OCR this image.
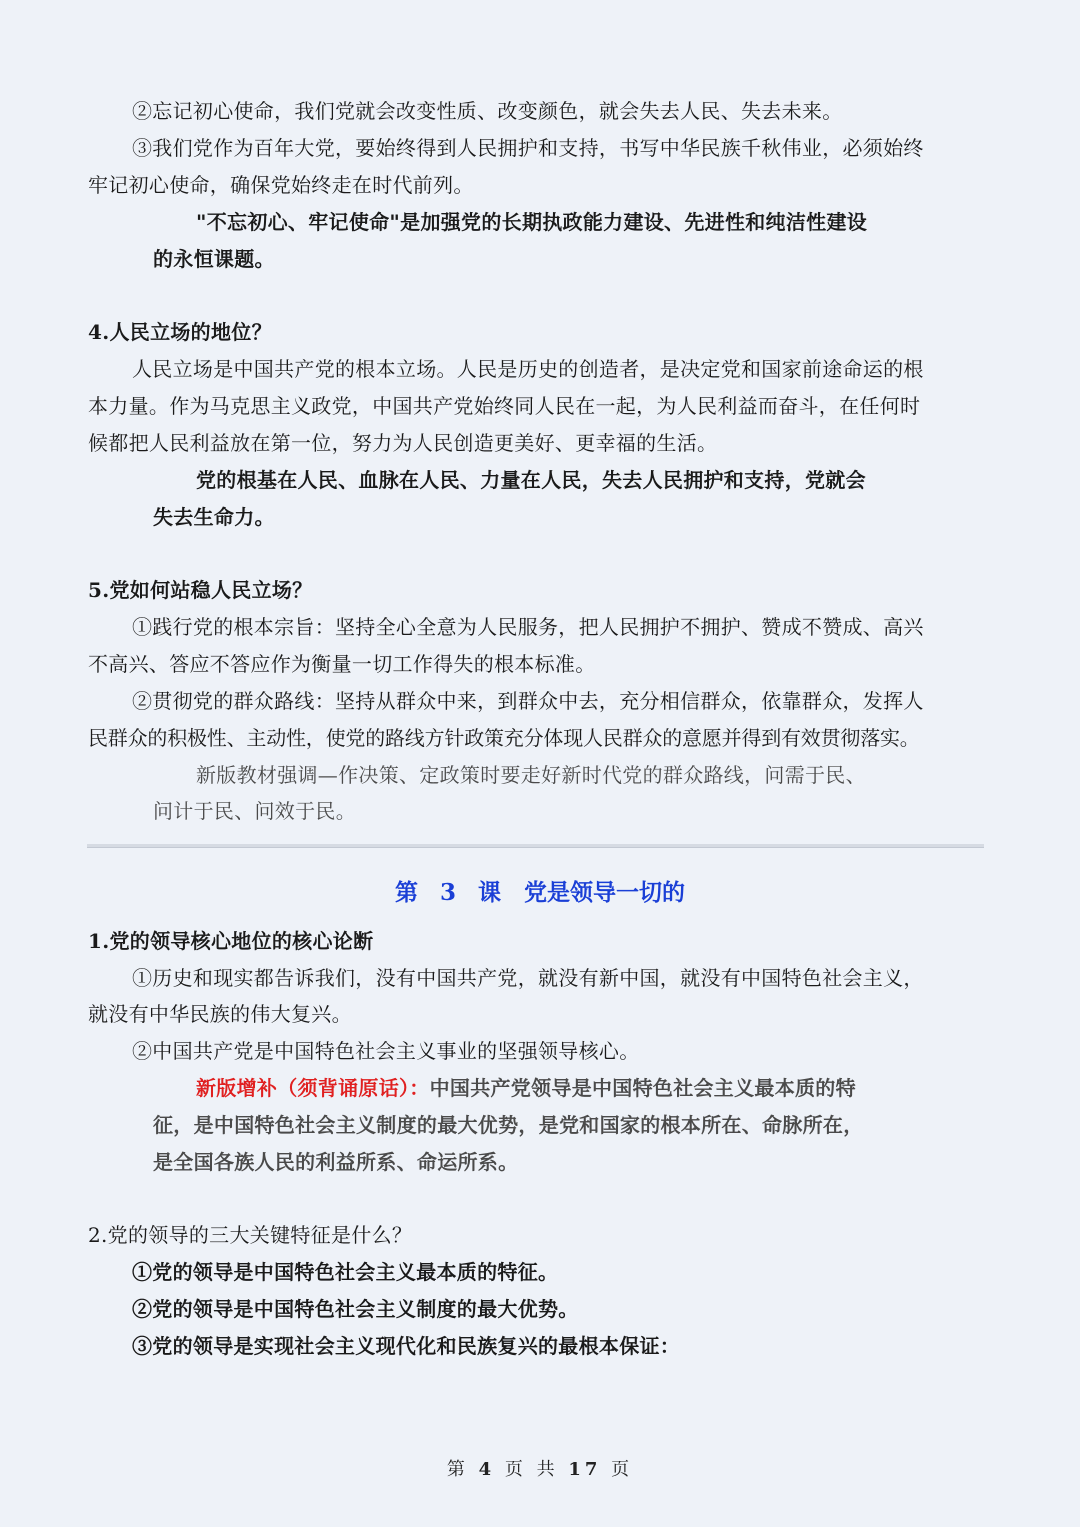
②忘记初心使命，我们党就会改变性质、改变颜色，就会失去人民、失去未来。
③我们党作为百年大党，要始终得到人民拥护和支持，书写中华民族千秋伟业，必须始终
牢记初心使命，确保党始终走在时代前列。
"不忘初心、牢记使命"是加强党的长期执政能力建设、先进性和纯洁性建设
的永恒课题。
4.人民立场的地位？
人民立场是中国共产党的根本立场。人民是历史的创造者，是决定党和国家前途命运的根
本力量。作为马克思主义政党，中国共产党始终同人民在一起，为人民利益而奋斗，在任何时
候都把人民利益放在第一位，努力为人民创造更美好、更幸福的生活。
党的根基在人民、血脉在人民、力量在人民，失去人民拥护和支持，党就会
失去生命力。
5.党如何站稳人民立场？
①践行党的根本宗旨：坚持全心全意为人民服务，把人民拥护不拥护、赞成不赞成、高兴
不高兴、答应不答应作为衡量一切工作得失的根本标准。
②贯彻党的群众路线：坚持从群众中来，到群众中去，充分相信群众，依靠群众，发挥人
民群众的积极性、主动性，使党的路线方针政策充分体现人民群众的意愿并得到有效贯彻落实。
新版教材强调—作决策、定政策时要走好新时代党的群众路线，问需于民、
问计于民、问效于民。
第 3 课　党是领导一切的
1.党的领导核心地位的核心论断
①历史和现实都告诉我们，没有中国共产党，就没有新中国，就没有中国特色社会主义，
就没有中华民族的伟大复兴。
②中国共产党是中国特色社会主义事业的坚强领导核心。
新版增补（须背诵原话）：中国共产党领导是中国特色社会主义最本质的特
征，是中国特色社会主义制度的最大优势，是党和国家的根本所在、命脉所在，
是全国各族人民的利益所系、命运所系。
2.党的领导的三大关键特征是什么？
①党的领导是中国特色社会主义最本质的特征。
②党的领导是中国特色社会主义制度的最大优势。
③党的领导是实现社会主义现代化和民族复兴的最根本保证：
第 4 页 共 17 页
